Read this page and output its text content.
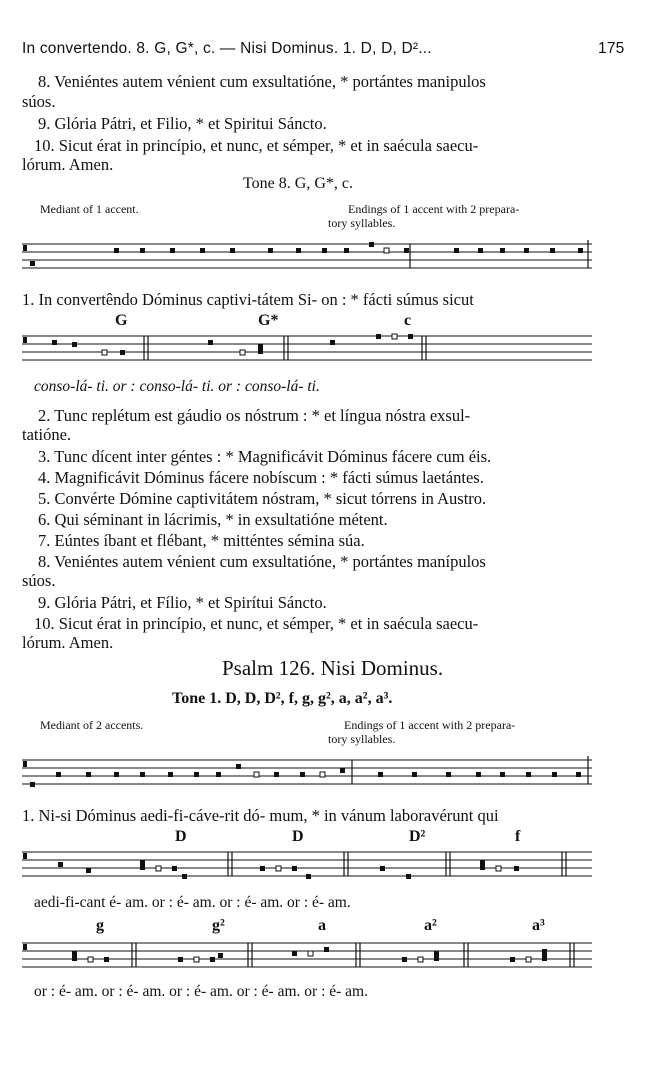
In convertendo. 8. G, G*, c. — Nisi Dominus. 1. D, D, D²...	175
8. Veniéntes autem vénient cum exsultatióne, * portántes manipulos
súos.
9. Glória Pátri, et Filio, * et Spiritui Sáncto.
10. Sicut érat in princípio, et nunc, et sémper, * et in saécula saecu-
lórum. Amen.
Tone 8. G, G*, c.
Mediant of 1 accent.	Endings of 1 accent with 2 prepara-
tory syllables.
1. In convertêndo Dóminus captivi-tátem Si- on : * fácti súmus sicut
G	G*	c
conso-lá- ti. or : conso-lá- ti. or : conso-lá- ti.
2. Tunc replétum est gáudio os nóstrum : * et língua nóstra exsul-
tatióne.
3. Tunc dícent inter géntes : * Magnificávit Dóminus fácere cum éis.
4. Magnificávit Dóminus fácere nobíscum : * fácti súmus laetántes.
5. Convérte Dómine captivitátem nóstram, * sicut tórrens in Austro.
6. Qui séminant in lácrimis, * in exsultatióne métent.
7. Eúntes íbant et flébant, * mitténtes sémina súa.
8. Veniéntes autem vénient cum exsultatióne, * portántes manípulos
súos.
9. Glória Pátri, et Fílio, * et Spirítui Sáncto.
10. Sicut érat in princípio, et nunc, et sémper, * et in saécula saecu-
lórum. Amen.
Psalm 126. Nisi Dominus.
Tone 1. D, D, D², f, g, g², a, a², a³.
Mediant of 2 accents.	Endings of 1 accent with 2 prepara-
tory syllables.
1. Ni-si Dóminus aedi-fi-cáve-rit dó- mum, * in vánum laboravérunt qui
D	D	D²	f
aedi-fi-cant é- am. or : é- am. or : é- am. or : é- am.
g	g²	a	a²	a³
or : é- am. or : é- am. or : é- am. or : é- am. or : é- am.
